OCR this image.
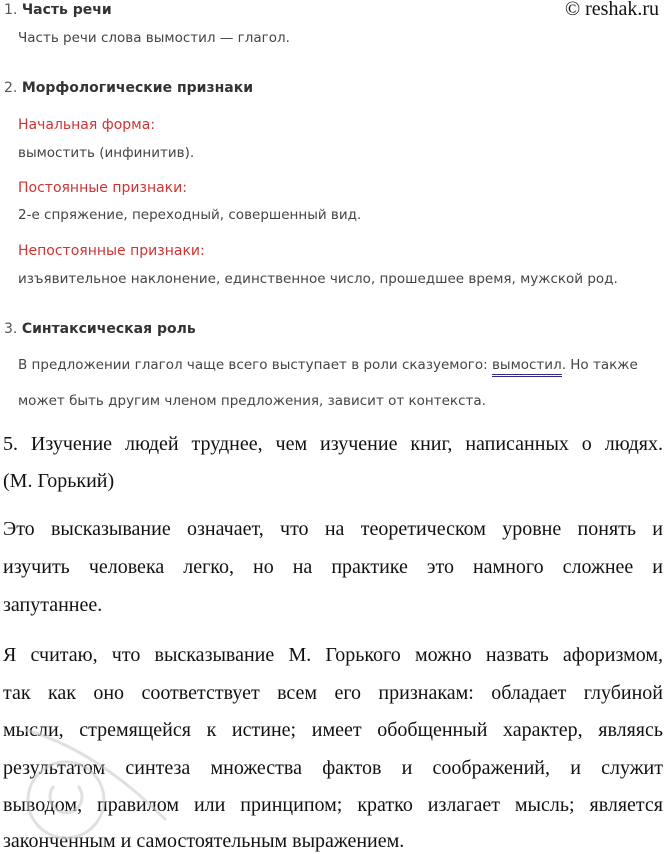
© reshak.ru
1. Часть речи
Часть речи слова вымостил — глагол.
2. Морфологические признаки
Начальная форма:
вымостить (инфинитив).
Постоянные признаки:
2-е спряжение, переходный, совершенный вид.
Непостоянные признаки:
изъявительное наклонение, единственное число, прошедшее время, мужской род.
3. Синтаксическая роль
В предложении глагол чаще всего выступает в роли сказуемого: вымостил. Но также
может быть другим членом предложения, зависит от контекста.
5. Изучение людей труднее, чем изучение книг, написанных о людях.
(М. Горький)
Это высказывание означает, что на теоретическом уровне понять и
изучить человека легко, но на практике это намного сложнее и
запутаннее.
Я считаю, что высказывание М. Горького можно назвать афоризмом,
так как оно соответствует всем его признакам: обладает глубиной
мысли, стремящейся к истине; имеет обобщенный характер, являясь
результатом синтеза множества фактов и соображений, и служит
выводом, правилом или принципом; кратко излагает мысль; является
законченным и самостоятельным выражением.
